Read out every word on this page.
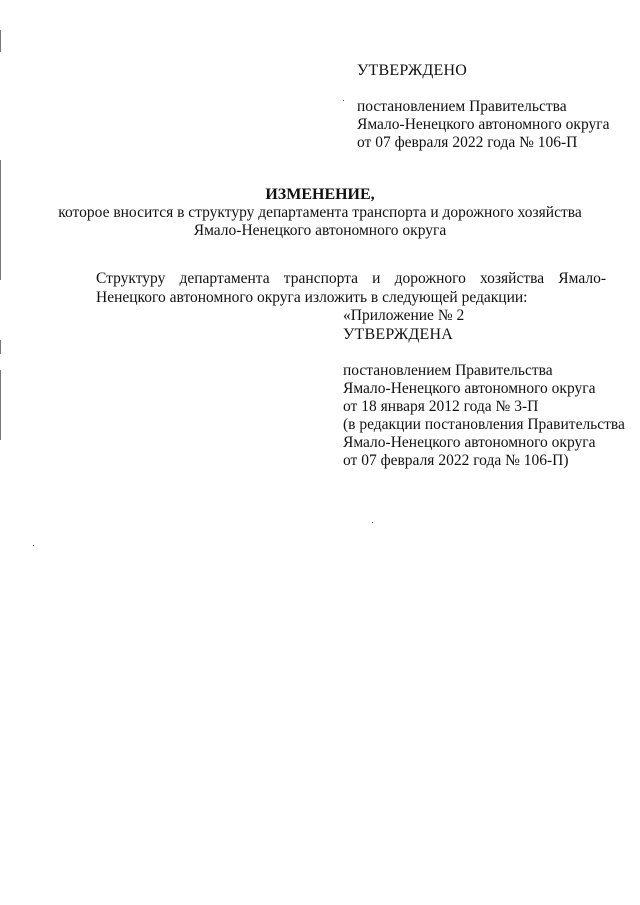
УТВЕРЖДЕНО
постановлением Правительства
Ямало-Ненецкого автономного округа
от 07 февраля 2022 года № 106-П
ИЗМЕНЕНИЕ,
которое вносится в структуру департамента транспорта и дорожного хозяйства
Ямало-Ненецкого автономного округа
Структуру департамента транспорта и дорожного хозяйства Ямало-
Ненецкого автономного округа изложить в следующей редакции:
«Приложение № 2
УТВЕРЖДЕНА
постановлением Правительства
Ямало-Ненецкого автономного округа
от 18 января 2012 года № 3-П
(в редакции постановления Правительства
Ямало-Ненецкого автономного округа
от 07 февраля 2022 года № 106-П)
